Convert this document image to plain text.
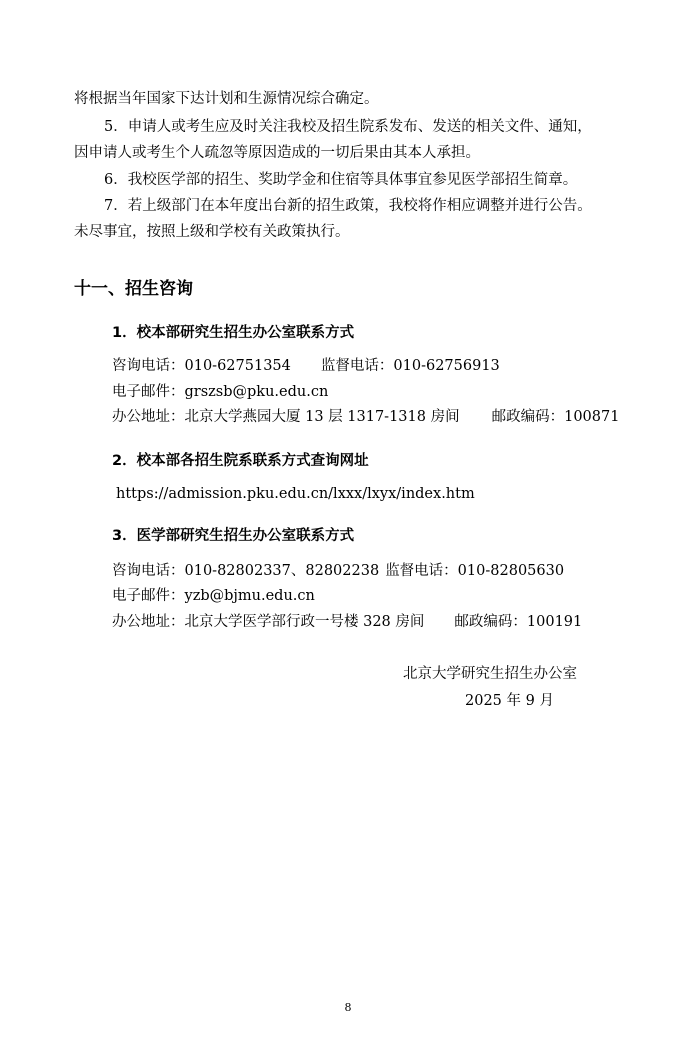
将根据当年国家下达计划和生源情况综合确定。
5．申请人或考生应及时关注我校及招生院系发布、发送的相关文件、通知，
因申请人或考生个人疏忽等原因造成的一切后果由其本人承担。
6．我校医学部的招生、奖助学金和住宿等具体事宜参见医学部招生简章。
7．若上级部门在本年度出台新的招生政策，我校将作相应调整并进行公告。
未尽事宜，按照上级和学校有关政策执行。
十一、招生咨询
1．校本部研究生招生办公室联系方式
咨询电话：010-62751354 监督电话：010-62756913
电子邮件：grszsb@pku.edu.cn
办公地址：北京大学燕园大厦 13 层 1317-1318 房间 邮政编码：100871
2．校本部各招生院系联系方式查询网址
https://admission.pku.edu.cn/lxxx/lxyx/index.htm
3．医学部研究生招生办公室联系方式
咨询电话：010-82802337、82802238 监督电话：010-82805630
电子邮件：yzb@bjmu.edu.cn
办公地址：北京大学医学部行政一号楼 328 房间 邮政编码：100191
北京大学研究生招生办公室
2025 年 9 月
8
